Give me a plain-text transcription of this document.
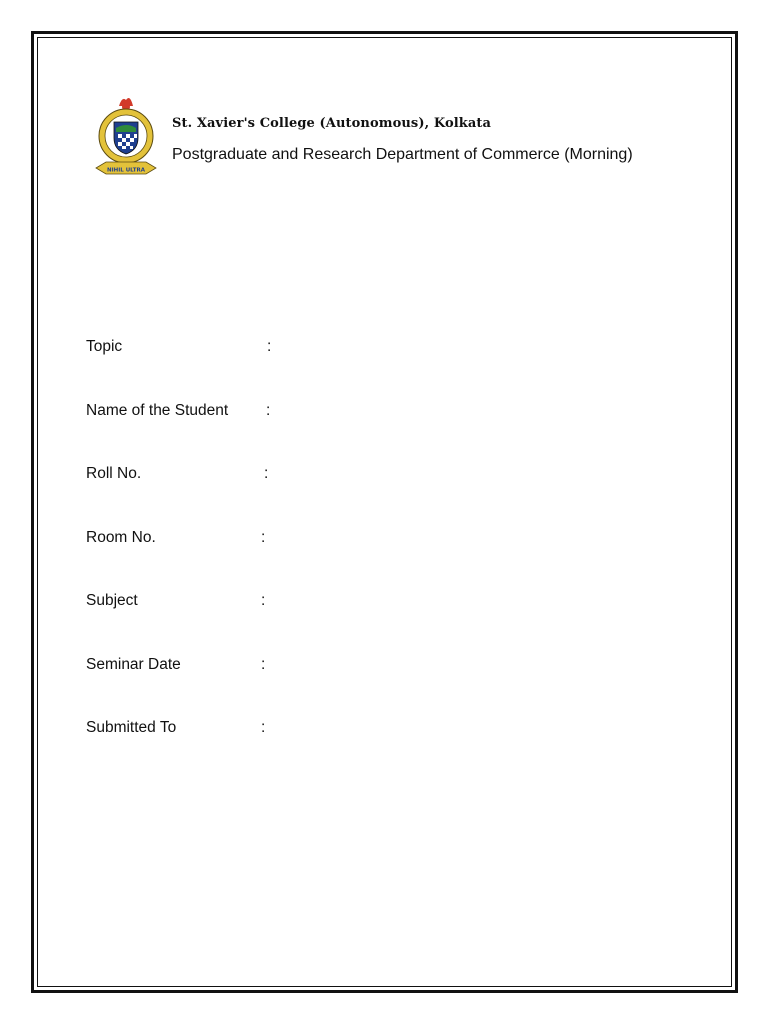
NIHIL ULTRA
St. Xavier's College (Autonomous), Kolkata
Postgraduate and Research Department of Commerce (Morning)
Topic	:
Name of the Student :
Roll No.	:
Room No.	:
Subject	:
Seminar Date	:
Submitted To	:
